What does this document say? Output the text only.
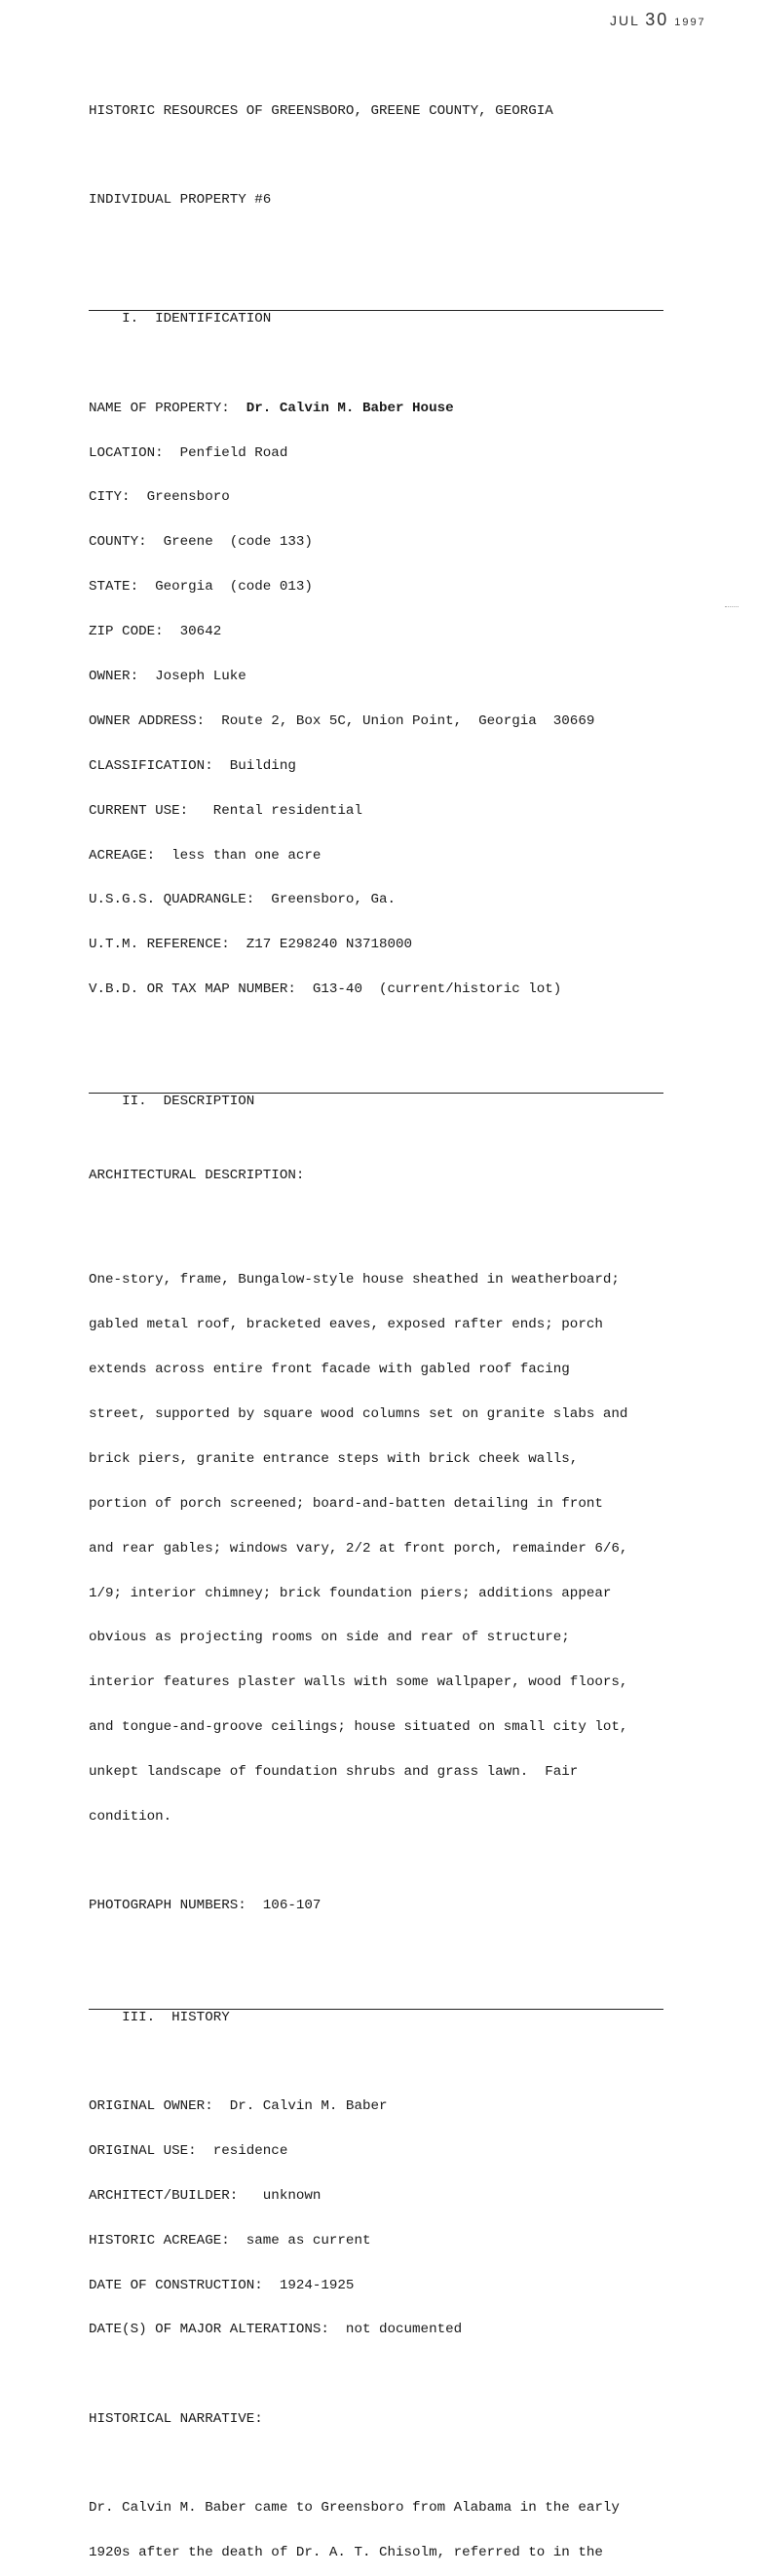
JUL 30 1997

HISTORIC RESOURCES OF GREENSBORO, GREENE COUNTY, GEORGIA

INDIVIDUAL PROPERTY #6

I.  IDENTIFICATION

NAME OF PROPERTY:  Dr. Calvin M. Baber House

LOCATION:  Penfield Road

CITY:  Greensboro

COUNTY:  Greene  (code 133)

STATE:  Georgia  (code 013)

ZIP CODE:  30642

OWNER:  Joseph Luke

OWNER ADDRESS:  Route 2, Box 5C, Union Point,  Georgia  30669

CLASSIFICATION:  Building

CURRENT USE:   Rental residential

ACREAGE:  less than one acre

U.S.G.S. QUADRANGLE:  Greensboro, Ga.

U.T.M. REFERENCE:  Z17 E298240 N3718000

V.B.D. OR TAX MAP NUMBER:  G13-40  (current/historic lot)

II.  DESCRIPTION

ARCHITECTURAL DESCRIPTION:

One-story, frame, Bungalow-style house sheathed in weatherboard;

gabled metal roof, bracketed eaves, exposed rafter ends; porch

extends across entire front facade with gabled roof facing

street, supported by square wood columns set on granite slabs and

brick piers, granite entrance steps with brick cheek walls,

portion of porch screened; board-and-batten detailing in front

and rear gables; windows vary, 2/2 at front porch, remainder 6/6,

1/9; interior chimney; brick foundation piers; additions appear

obvious as projecting rooms on side and rear of structure;

interior features plaster walls with some wallpaper, wood floors,

and tongue-and-groove ceilings; house situated on small city lot,

unkept landscape of foundation shrubs and grass lawn.  Fair

condition.

PHOTOGRAPH NUMBERS:  106-107

III.  HISTORY

ORIGINAL OWNER:  Dr. Calvin M. Baber

ORIGINAL USE:  residence

ARCHITECT/BUILDER:   unknown

HISTORIC ACREAGE:  same as current

DATE OF CONSTRUCTION:  1924-1925

DATE(S) OF MAJOR ALTERATIONS:  not documented

HISTORICAL NARRATIVE:

Dr. Calvin M. Baber came to Greensboro from Alabama in the early

1920s after the death of Dr. A. T. Chisolm, referred to in the
